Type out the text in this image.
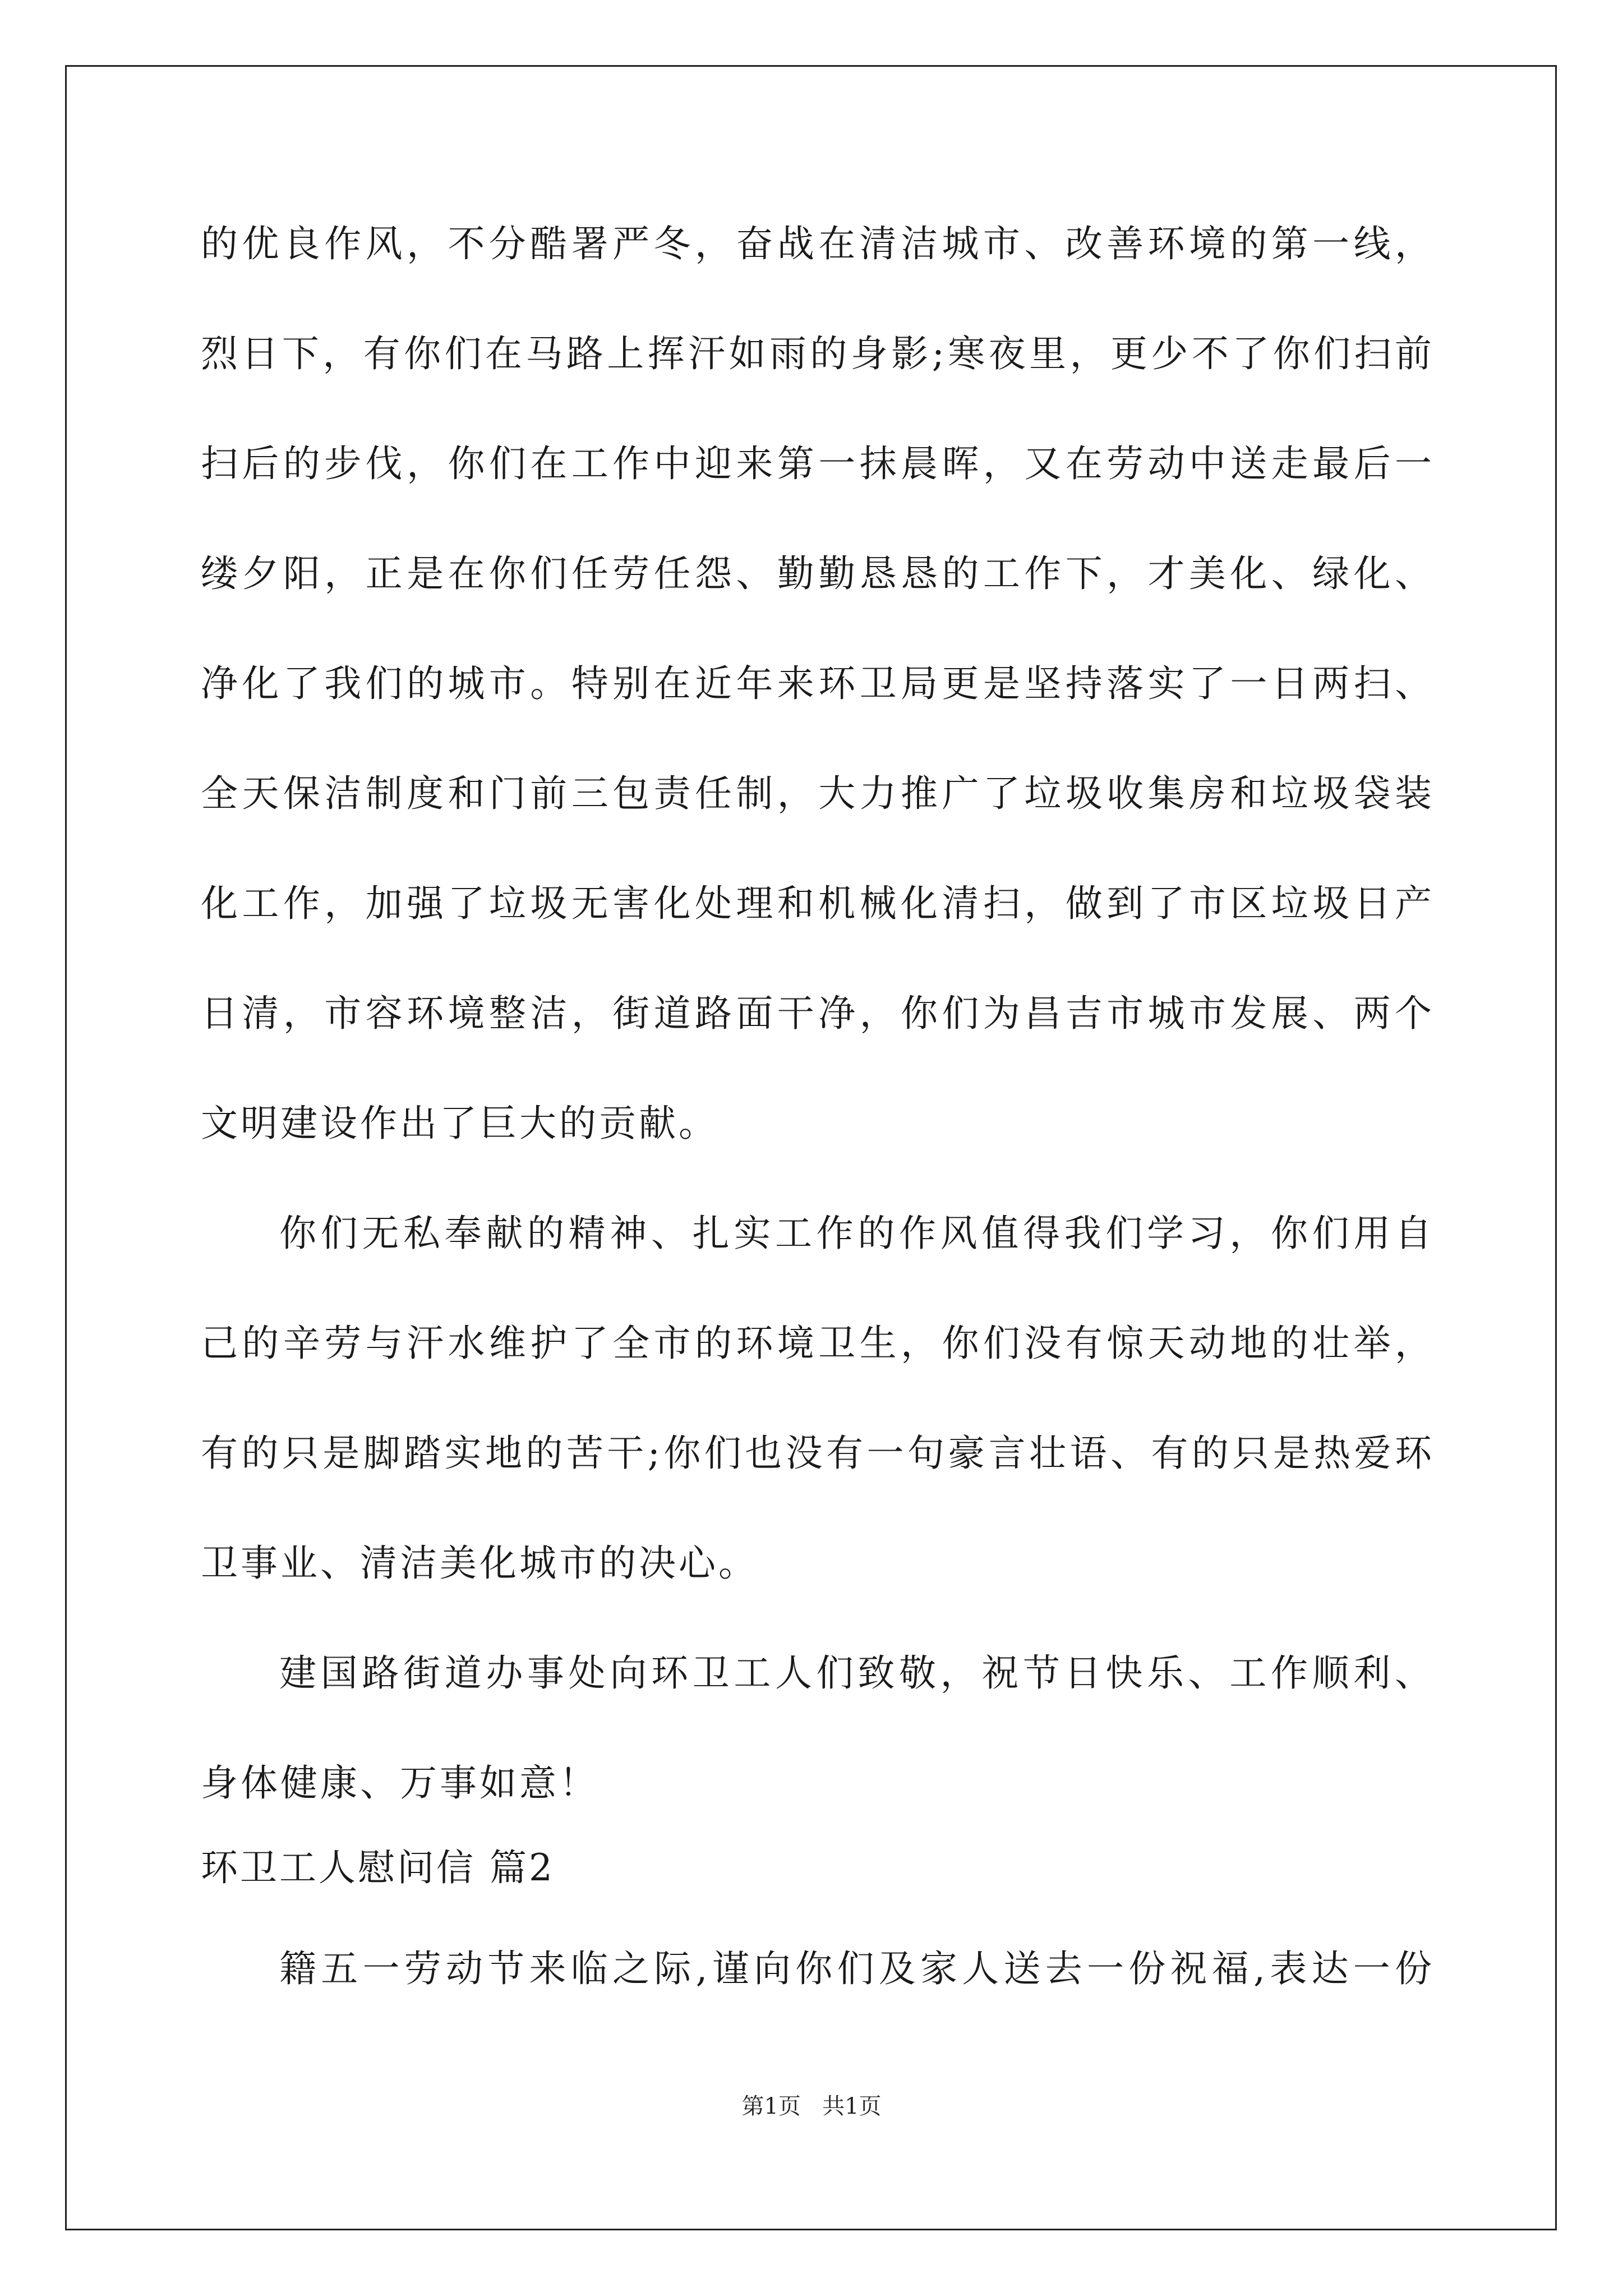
的优良作风，不分酷署严冬，奋战在清洁城市、改善环境的第一线，
烈日下，有你们在马路上挥汗如雨的身影;寒夜里，更少不了你们扫前
扫后的步伐，你们在工作中迎来第一抹晨晖，又在劳动中送走最后一
缕夕阳，正是在你们任劳任怨、勤勤恳恳的工作下，才美化、绿化、
净化了我们的城市。特别在近年来环卫局更是坚持落实了一日两扫、
全天保洁制度和门前三包责任制，大力推广了垃圾收集房和垃圾袋装
化工作，加强了垃圾无害化处理和机械化清扫，做到了市区垃圾日产
日清，市容环境整洁，街道路面干净，你们为昌吉市城市发展、两个
文明建设作出了巨大的贡献。
你们无私奉献的精神、扎实工作的作风值得我们学习，你们用自
己的辛劳与汗水维护了全市的环境卫生，你们没有惊天动地的壮举，
有的只是脚踏实地的苦干;你们也没有一句豪言壮语、有的只是热爱环
卫事业、清洁美化城市的决心。
建国路街道办事处向环卫工人们致敬，祝节日快乐、工作顺利、
身体健康、万事如意！
环卫工人慰问信 篇2
籍五一劳动节来临之际,谨向你们及家人送去一份祝福,表达一份
第1页 共1页
